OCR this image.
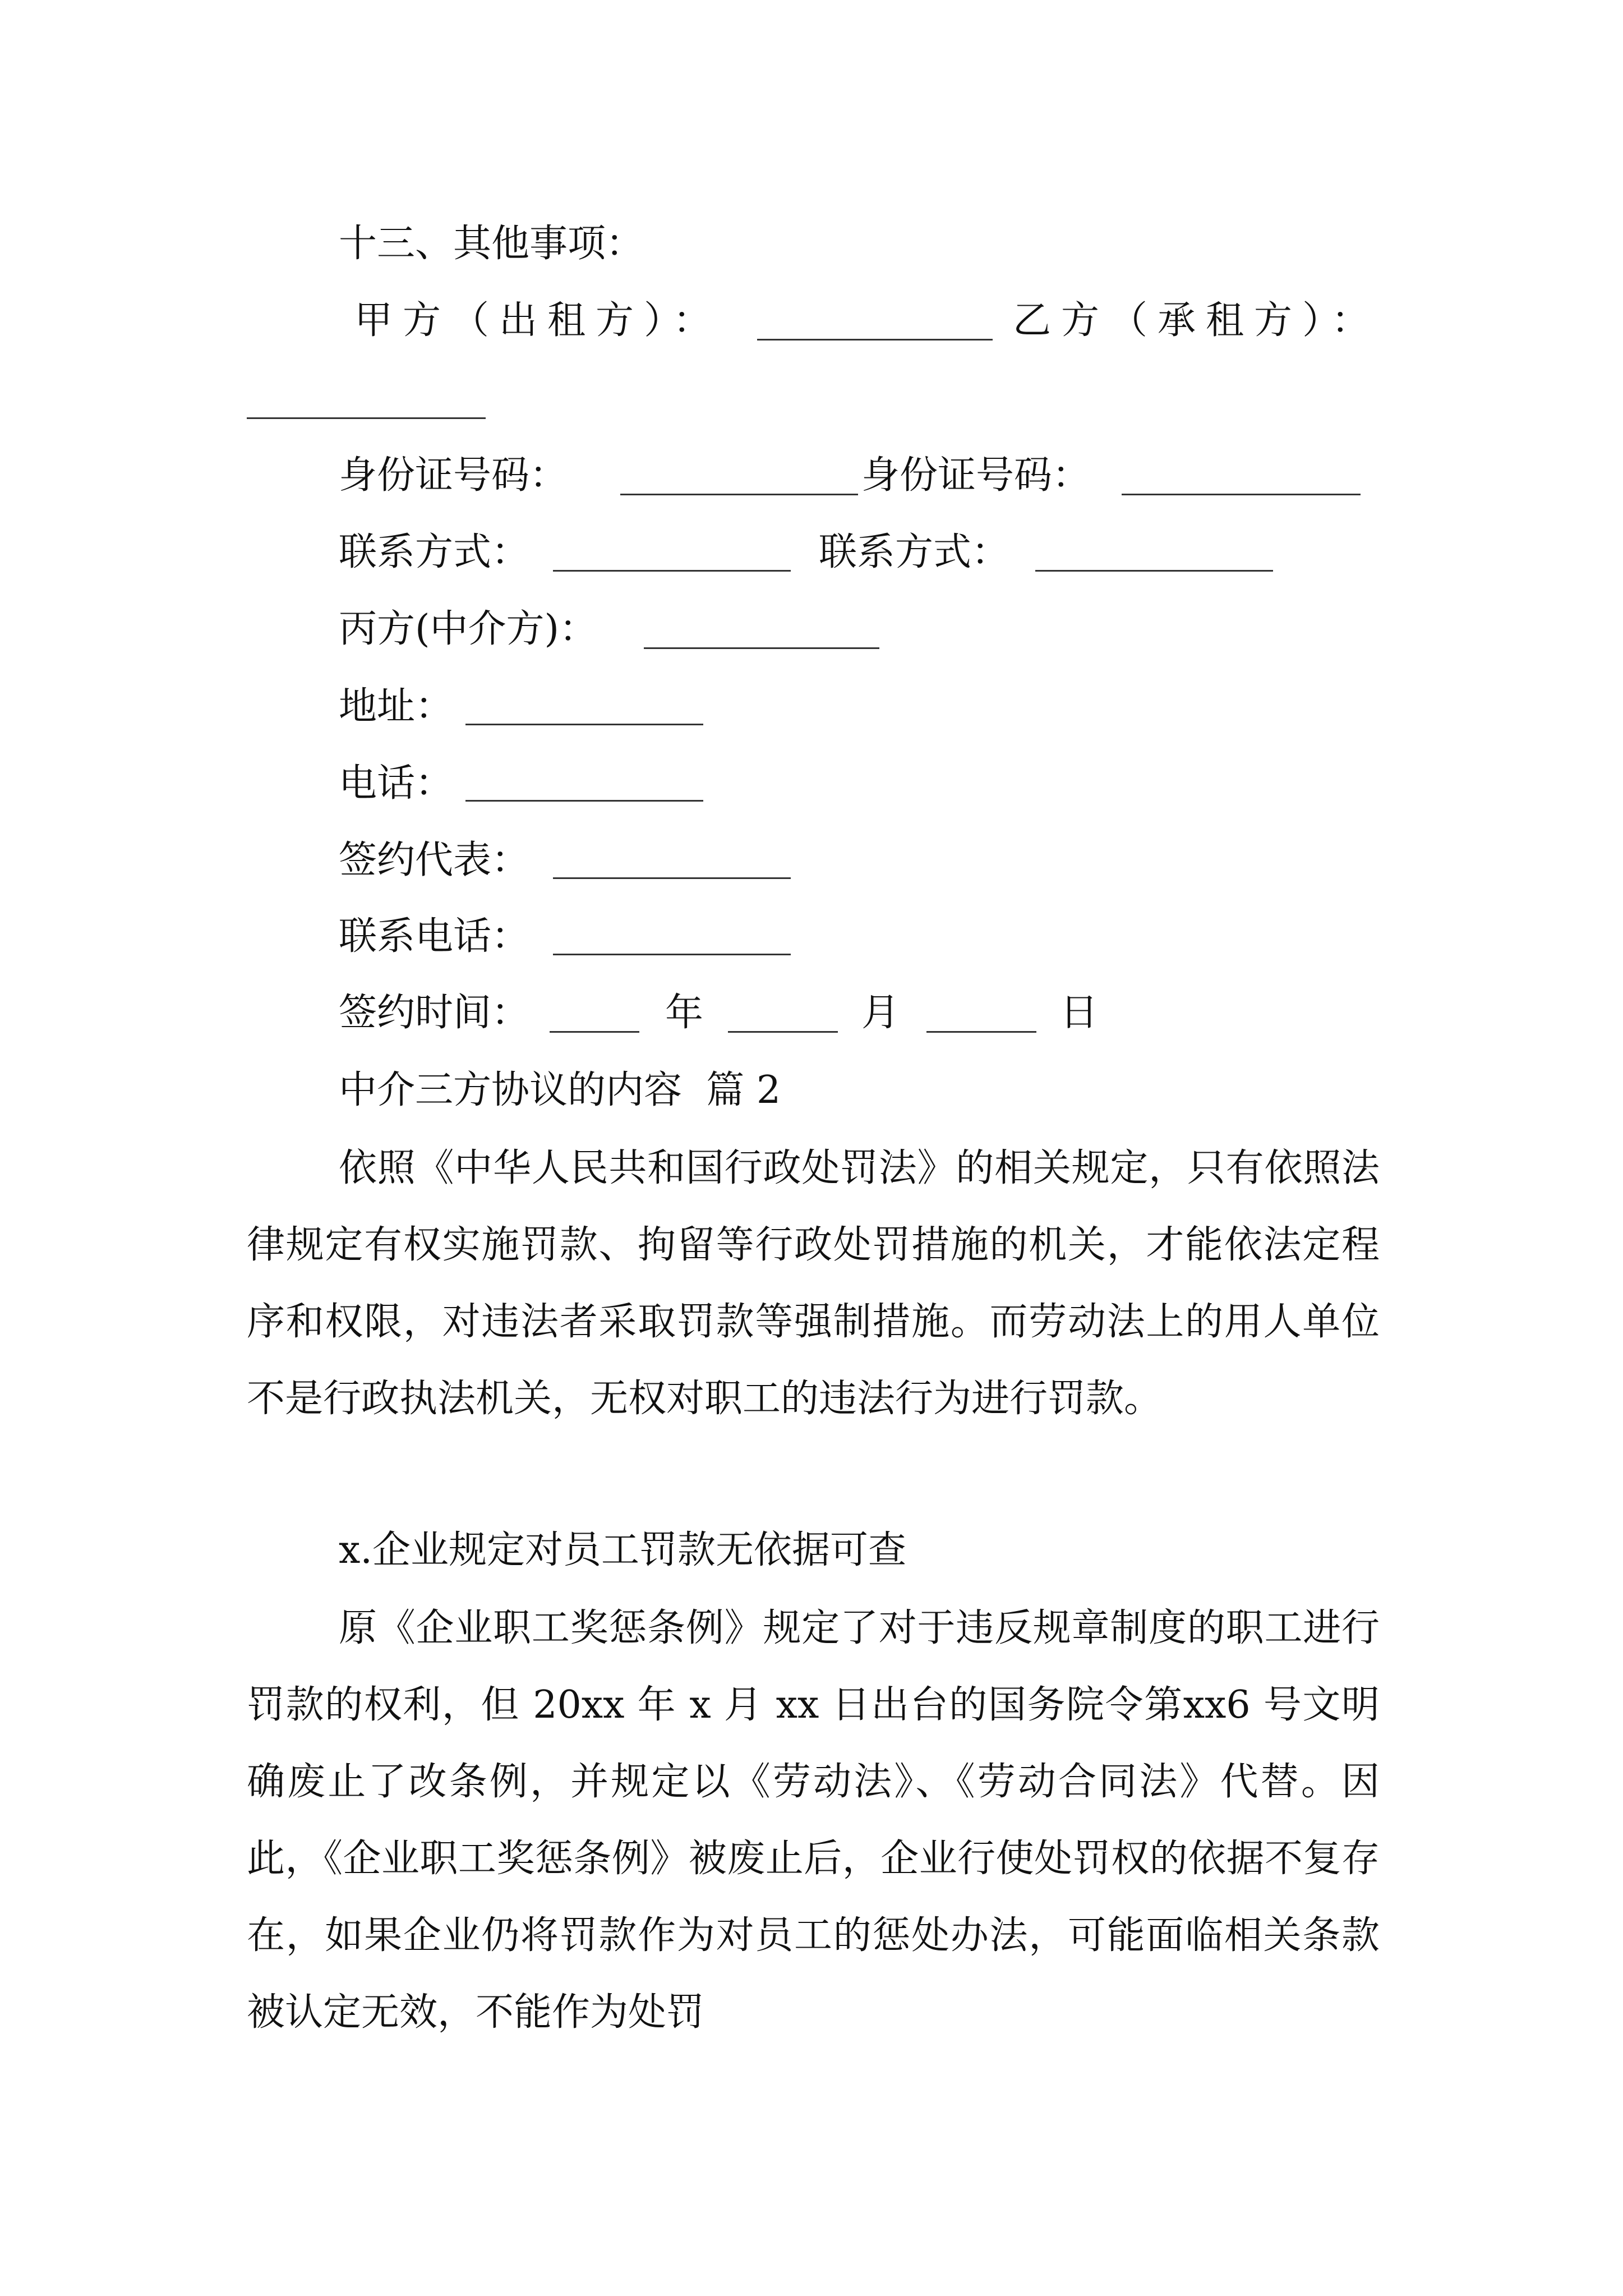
十三、其他事项：
甲方（出租方）：	乙方（承租方）：
身份证号码：	身份证号码：
联系方式：	联系方式：
丙方(中介方)：
地址：
电话：
签约代表：
联系电话：
签约时间：	年	月	日
中介三方协议的内容  篇 2
依照《中华人民共和国行政处罚法》的相关规定，只有依照法律规定有权实施罚款、拘留等行政处罚措施的机关，才能依法定程序和权限，对违法者采取罚款等强制措施。而劳动法上的用人单位不是行政执法机关，无权对职工的违法行为进行罚款。
x.企业规定对员工罚款无依据可查
原《企业职工奖惩条例》规定了对于违反规章制度的职工进行罚款的权利，但 20xx 年 x 月 xx 日出台的国务院令第xx6 号文明确废止了改条例，并规定以《劳动法》、《劳动合同法》代替。因此，《企业职工奖惩条例》被废止后，企业行使处罚权的依据不复存在，如果企业仍将罚款作为对员工的惩处办法，可能面临相关条款被认定无效，不能作为处罚
